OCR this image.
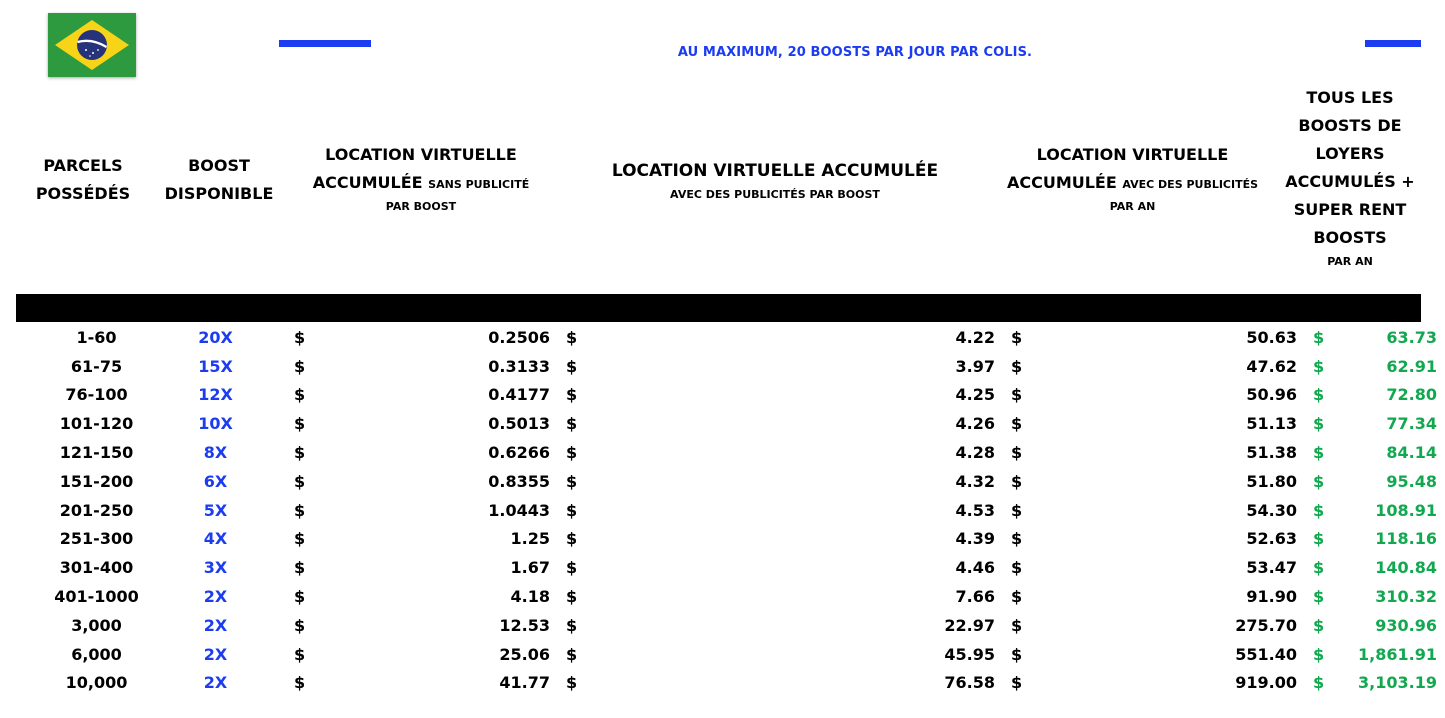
AU MAXIMUM, 20 BOOSTS PAR JOUR PAR COLIS.
PARCELS
POSSÉDÉS
BOOST
DISPONIBLE
LOCATION VIRTUELLE
ACCUMULÉE SANS PUBLICITÉ
PAR BOOST
LOCATION VIRTUELLE ACCUMULÉE
AVEC DES PUBLICITÉS PAR BOOST
LOCATION VIRTUELLE
ACCUMULÉE AVEC DES PUBLICITÉS
PAR AN
TOUS LES
BOOSTS DE
LOYERS
ACCUMULÉS +
SUPER RENT
BOOSTS
PAR AN
1-60	20X		$	0.2506	$	4.22	$	50.63	$	63.73
61-75	15X		$	0.3133	$	3.97	$	47.62	$	62.91
76-100	12X		$	0.4177	$	4.25	$	50.96	$	72.80
101-120	10X		$	0.5013	$	4.26	$	51.13	$	77.34
121-150	8X		$	0.6266	$	4.28	$	51.38	$	84.14
151-200	6X		$	0.8355	$	4.32	$	51.80	$	95.48
201-250	5X		$	1.0443	$	4.53	$	54.30	$	108.91
251-300	4X		$	1.25	$	4.39	$	52.63	$	118.16
301-400	3X		$	1.67	$	4.46	$	53.47	$	140.84
401-1000	2X		$	4.18	$	7.66	$	91.90	$	310.32
3,000	2X		$	12.53	$	22.97	$	275.70	$	930.96
6,000	2X		$	25.06	$	45.95	$	551.40	$	1,861.91
10,000	2X		$	41.77	$	76.58	$	919.00	$	3,103.19
